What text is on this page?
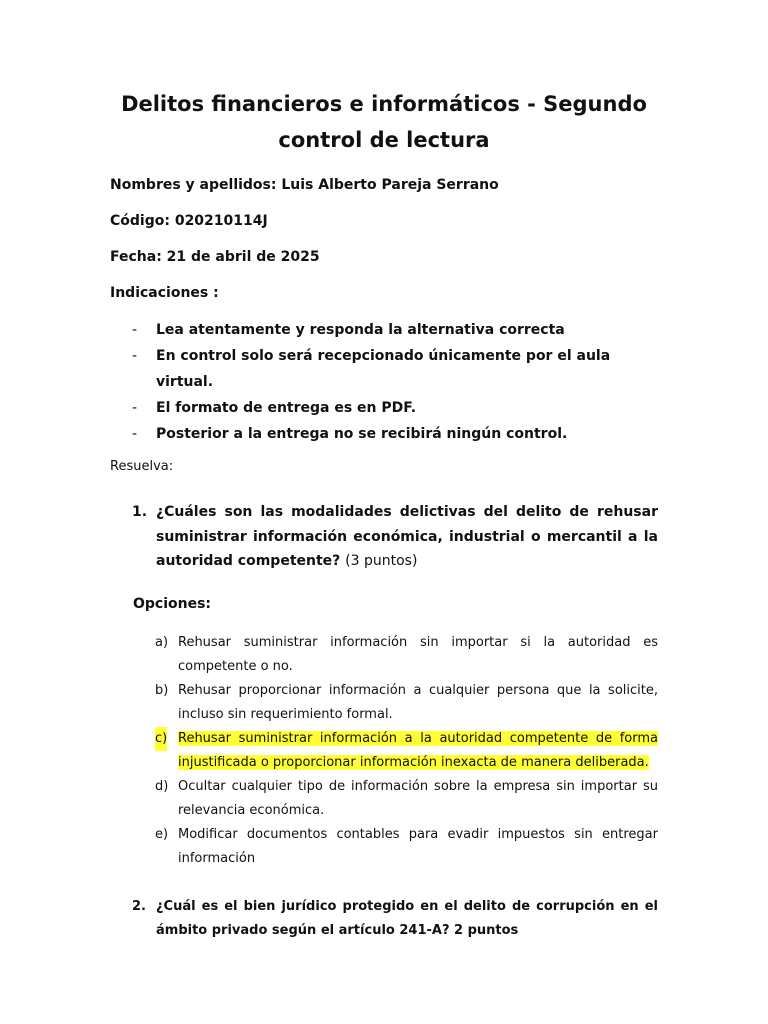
Delitos financieros e informáticos - Segundo control de lectura

Nombres y apellidos: Luis Alberto Pareja Serrano

Código: 020210114J

Fecha: 21 de abril de 2025

Indicaciones :

- Lea atentamente y responda la alternativa correcta
- En control solo será recepcionado únicamente por el aula virtual.
- El formato de entrega es en PDF.
- Posterior a la entrega no se recibirá ningún control.

Resuelva:

1. ¿Cuáles son las modalidades delictivas del delito de rehusar suministrar información económica, industrial o mercantil a la autoridad competente? (3 puntos)

Opciones:

a) Rehusar suministrar información sin importar si la autoridad es competente o no.
b) Rehusar proporcionar información a cualquier persona que la solicite, incluso sin requerimiento formal.
c) Rehusar suministrar información a la autoridad competente de forma injustificada o proporcionar información inexacta de manera deliberada.
d) Ocultar cualquier tipo de información sobre la empresa sin importar su relevancia económica.
e) Modificar documentos contables para evadir impuestos sin entregar información
2. ¿Cuál es el bien jurídico protegido en el delito de corrupción en el ámbito privado según el artículo 241-A? 2 puntos
